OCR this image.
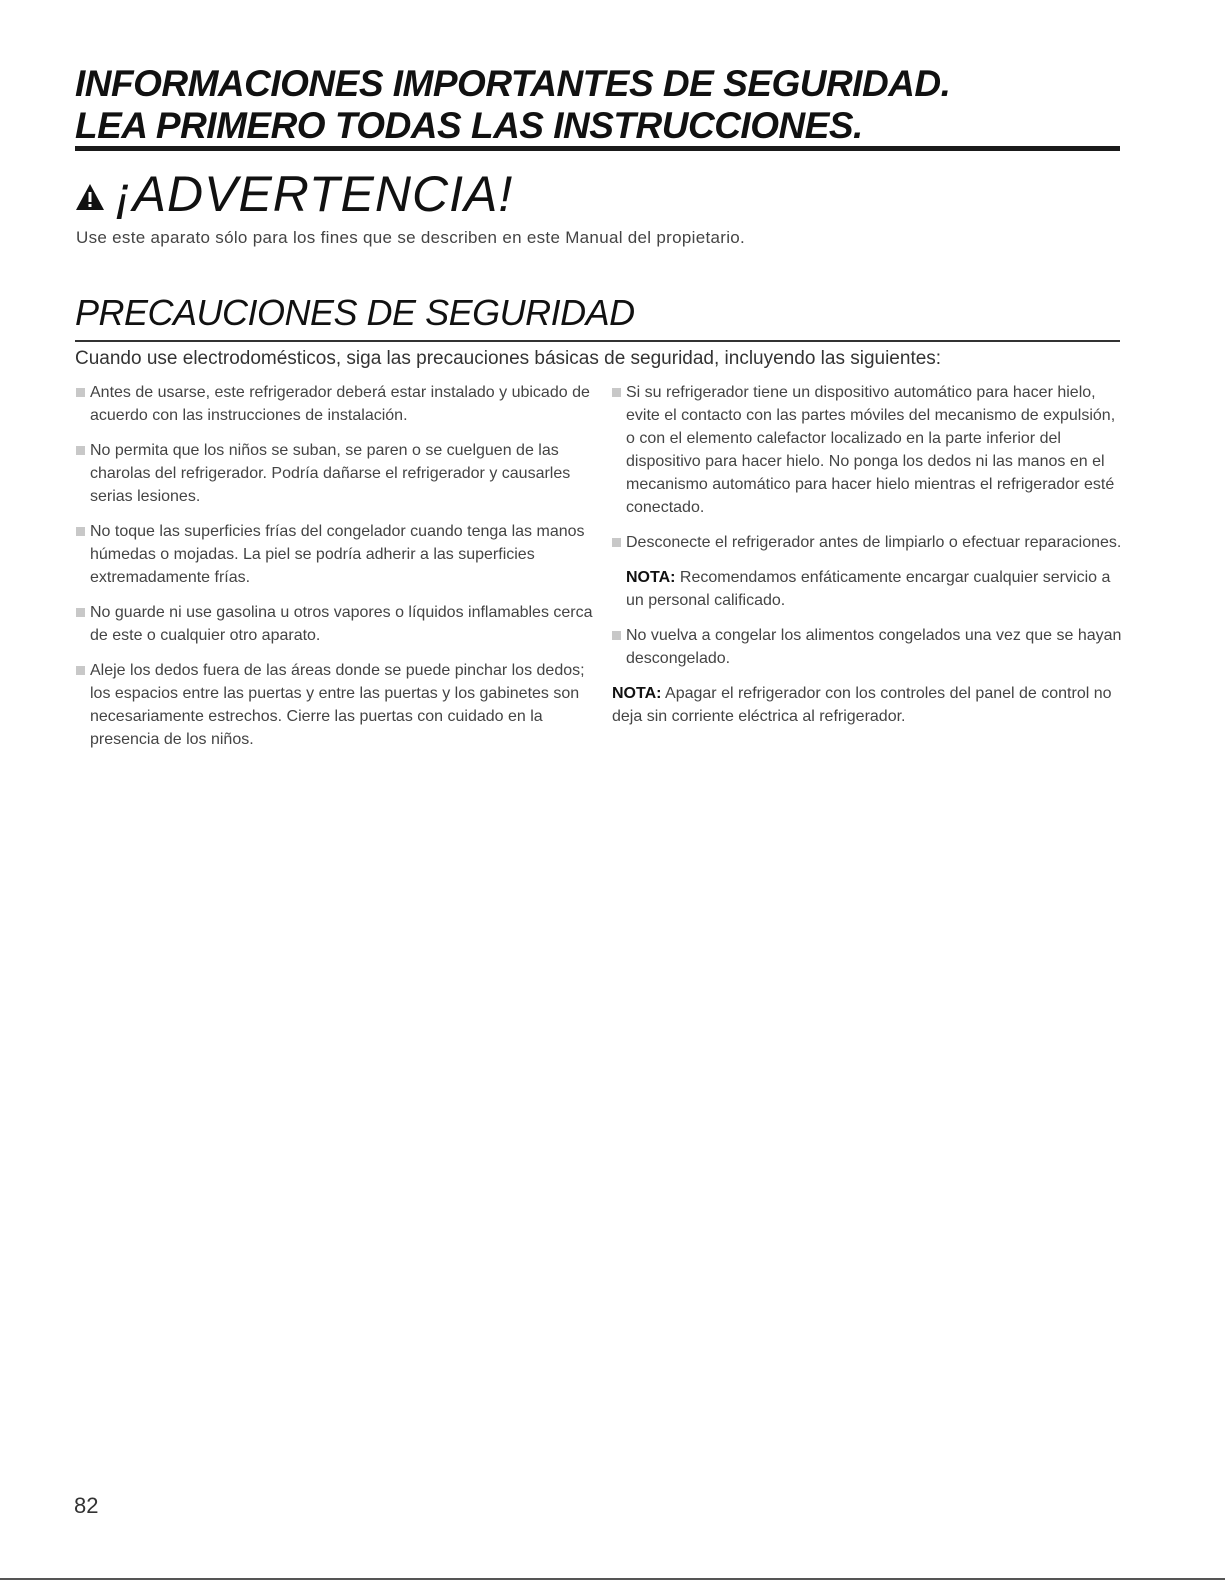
INFORMACIONES IMPORTANTES DE SEGURIDAD.
LEA PRIMERO TODAS LAS INSTRUCCIONES.
¡ADVERTENCIA!
Use este aparato sólo para los fines que se describen en este Manual del propietario.
PRECAUCIONES DE SEGURIDAD
Cuando use electrodomésticos, siga las precauciones básicas de seguridad, incluyendo las siguientes:
Antes de usarse, este refrigerador deberá estar instalado y ubicado de acuerdo con las instrucciones de instalación.
No permita que los niños se suban, se paren o se cuelguen de las charolas del refrigerador. Podría dañarse el refrigerador y causarles serias lesiones.
No toque las superficies frías del congelador cuando tenga las manos húmedas o mojadas. La piel se podría adherir a las superficies extremadamente frías.
No guarde ni use gasolina u otros vapores o líquidos inflamables cerca de este o cualquier otro aparato.
Aleje los dedos fuera de las áreas donde se puede pinchar los dedos; los espacios entre las puertas y entre las puertas y los gabinetes son necesariamente estrechos. Cierre las puertas con cuidado en la presencia de los niños.
Si su refrigerador tiene un dispositivo automático para hacer hielo, evite el contacto con las partes móviles del mecanismo de expulsión, o con el elemento calefactor localizado en la parte inferior del dispositivo para hacer hielo. No ponga los dedos ni las manos en el mecanismo automático para hacer hielo mientras el refrigerador esté conectado.
Desconecte el refrigerador antes de limpiarlo o efectuar reparaciones.
NOTA: Recomendamos enfáticamente encargar cualquier servicio a un personal calificado.
No vuelva a congelar los alimentos congelados una vez que se hayan descongelado.
NOTA: Apagar el refrigerador con los controles del panel de control no deja sin corriente eléctrica al refrigerador.
82
